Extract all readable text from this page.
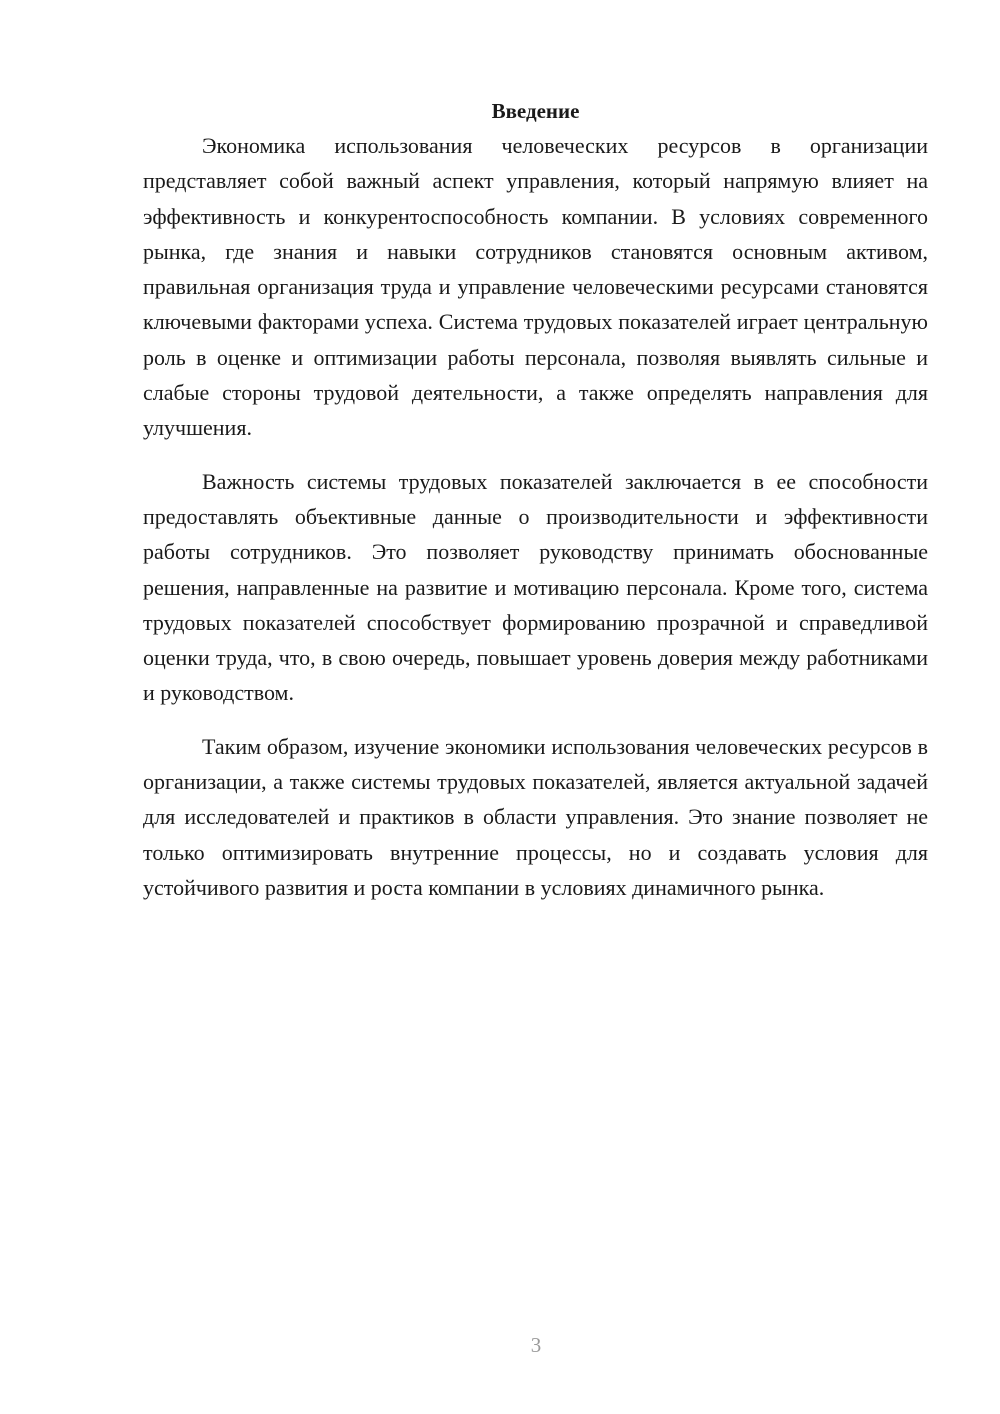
Введение

Экономика использования человеческих ресурсов в организации представляет собой важный аспект управления, который напрямую влияет на эффективность и конкурентоспособность компании. В условиях современного рынка, где знания и навыки сотрудников становятся основным активом, правильная организация труда и управление человеческими ресурсами становятся ключевыми факторами успеха. Система трудовых показателей играет центральную роль в оценке и оптимизации работы персонала, позволяя выявлять сильные и слабые стороны трудовой деятельности, а также определять направления для улучшения.

Важность системы трудовых показателей заключается в ее способности предоставлять объективные данные о производительности и эффективности работы сотрудников. Это позволяет руководству принимать обоснованные решения, направленные на развитие и мотивацию персонала. Кроме того, система трудовых показателей способствует формированию прозрачной и справедливой оценки труда, что, в свою очередь, повышает уровень доверия между работниками и руководством.

Таким образом, изучение экономики использования человеческих ресурсов в организации, а также системы трудовых показателей, является актуальной задачей для исследователей и практиков в области управления. Это знание позволяет не только оптимизировать внутренние процессы, но и создавать условия для устойчивого развития и роста компании в условиях динамичного рынка.

3
